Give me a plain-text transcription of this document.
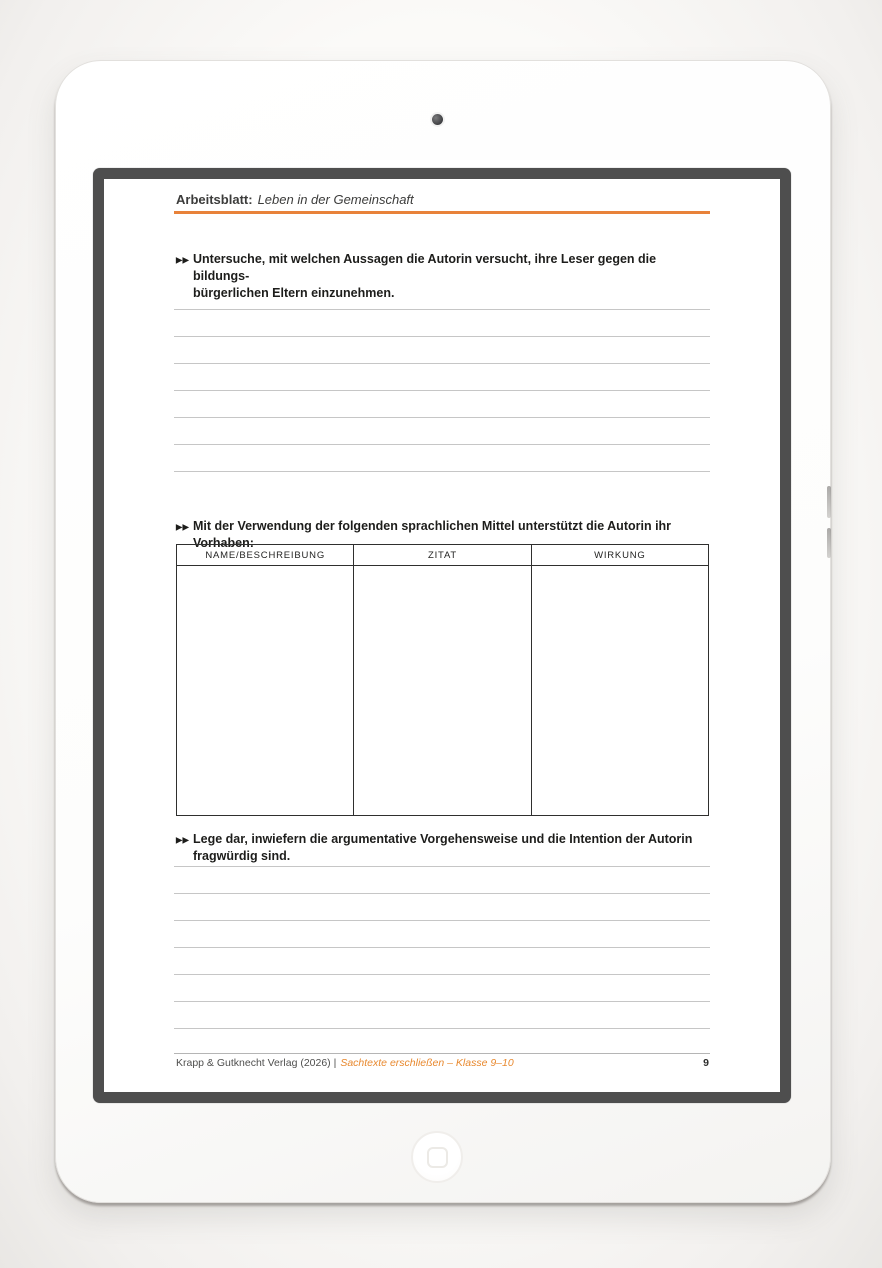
Arbeitsblatt: Leben in der Gemeinschaft
▶▶ Untersuche, mit welchen Aussagen die Autorin versucht, ihre Leser gegen die bildungs-
bürgerlichen Eltern einzunehmen.
▶▶ Mit der Verwendung der folgenden sprachlichen Mittel unterstützt die Autorin ihr Vorhaben:
NAME/BESCHREIBUNG	ZITAT	WIRKUNG

▶▶ Lege dar, inwiefern die argumentative Vorgehensweise und die Intention der Autorin fragwürdig sind.
Krapp & Gutknecht Verlag (2026) | Sachtexte erschließen – Klasse 9–10	9
